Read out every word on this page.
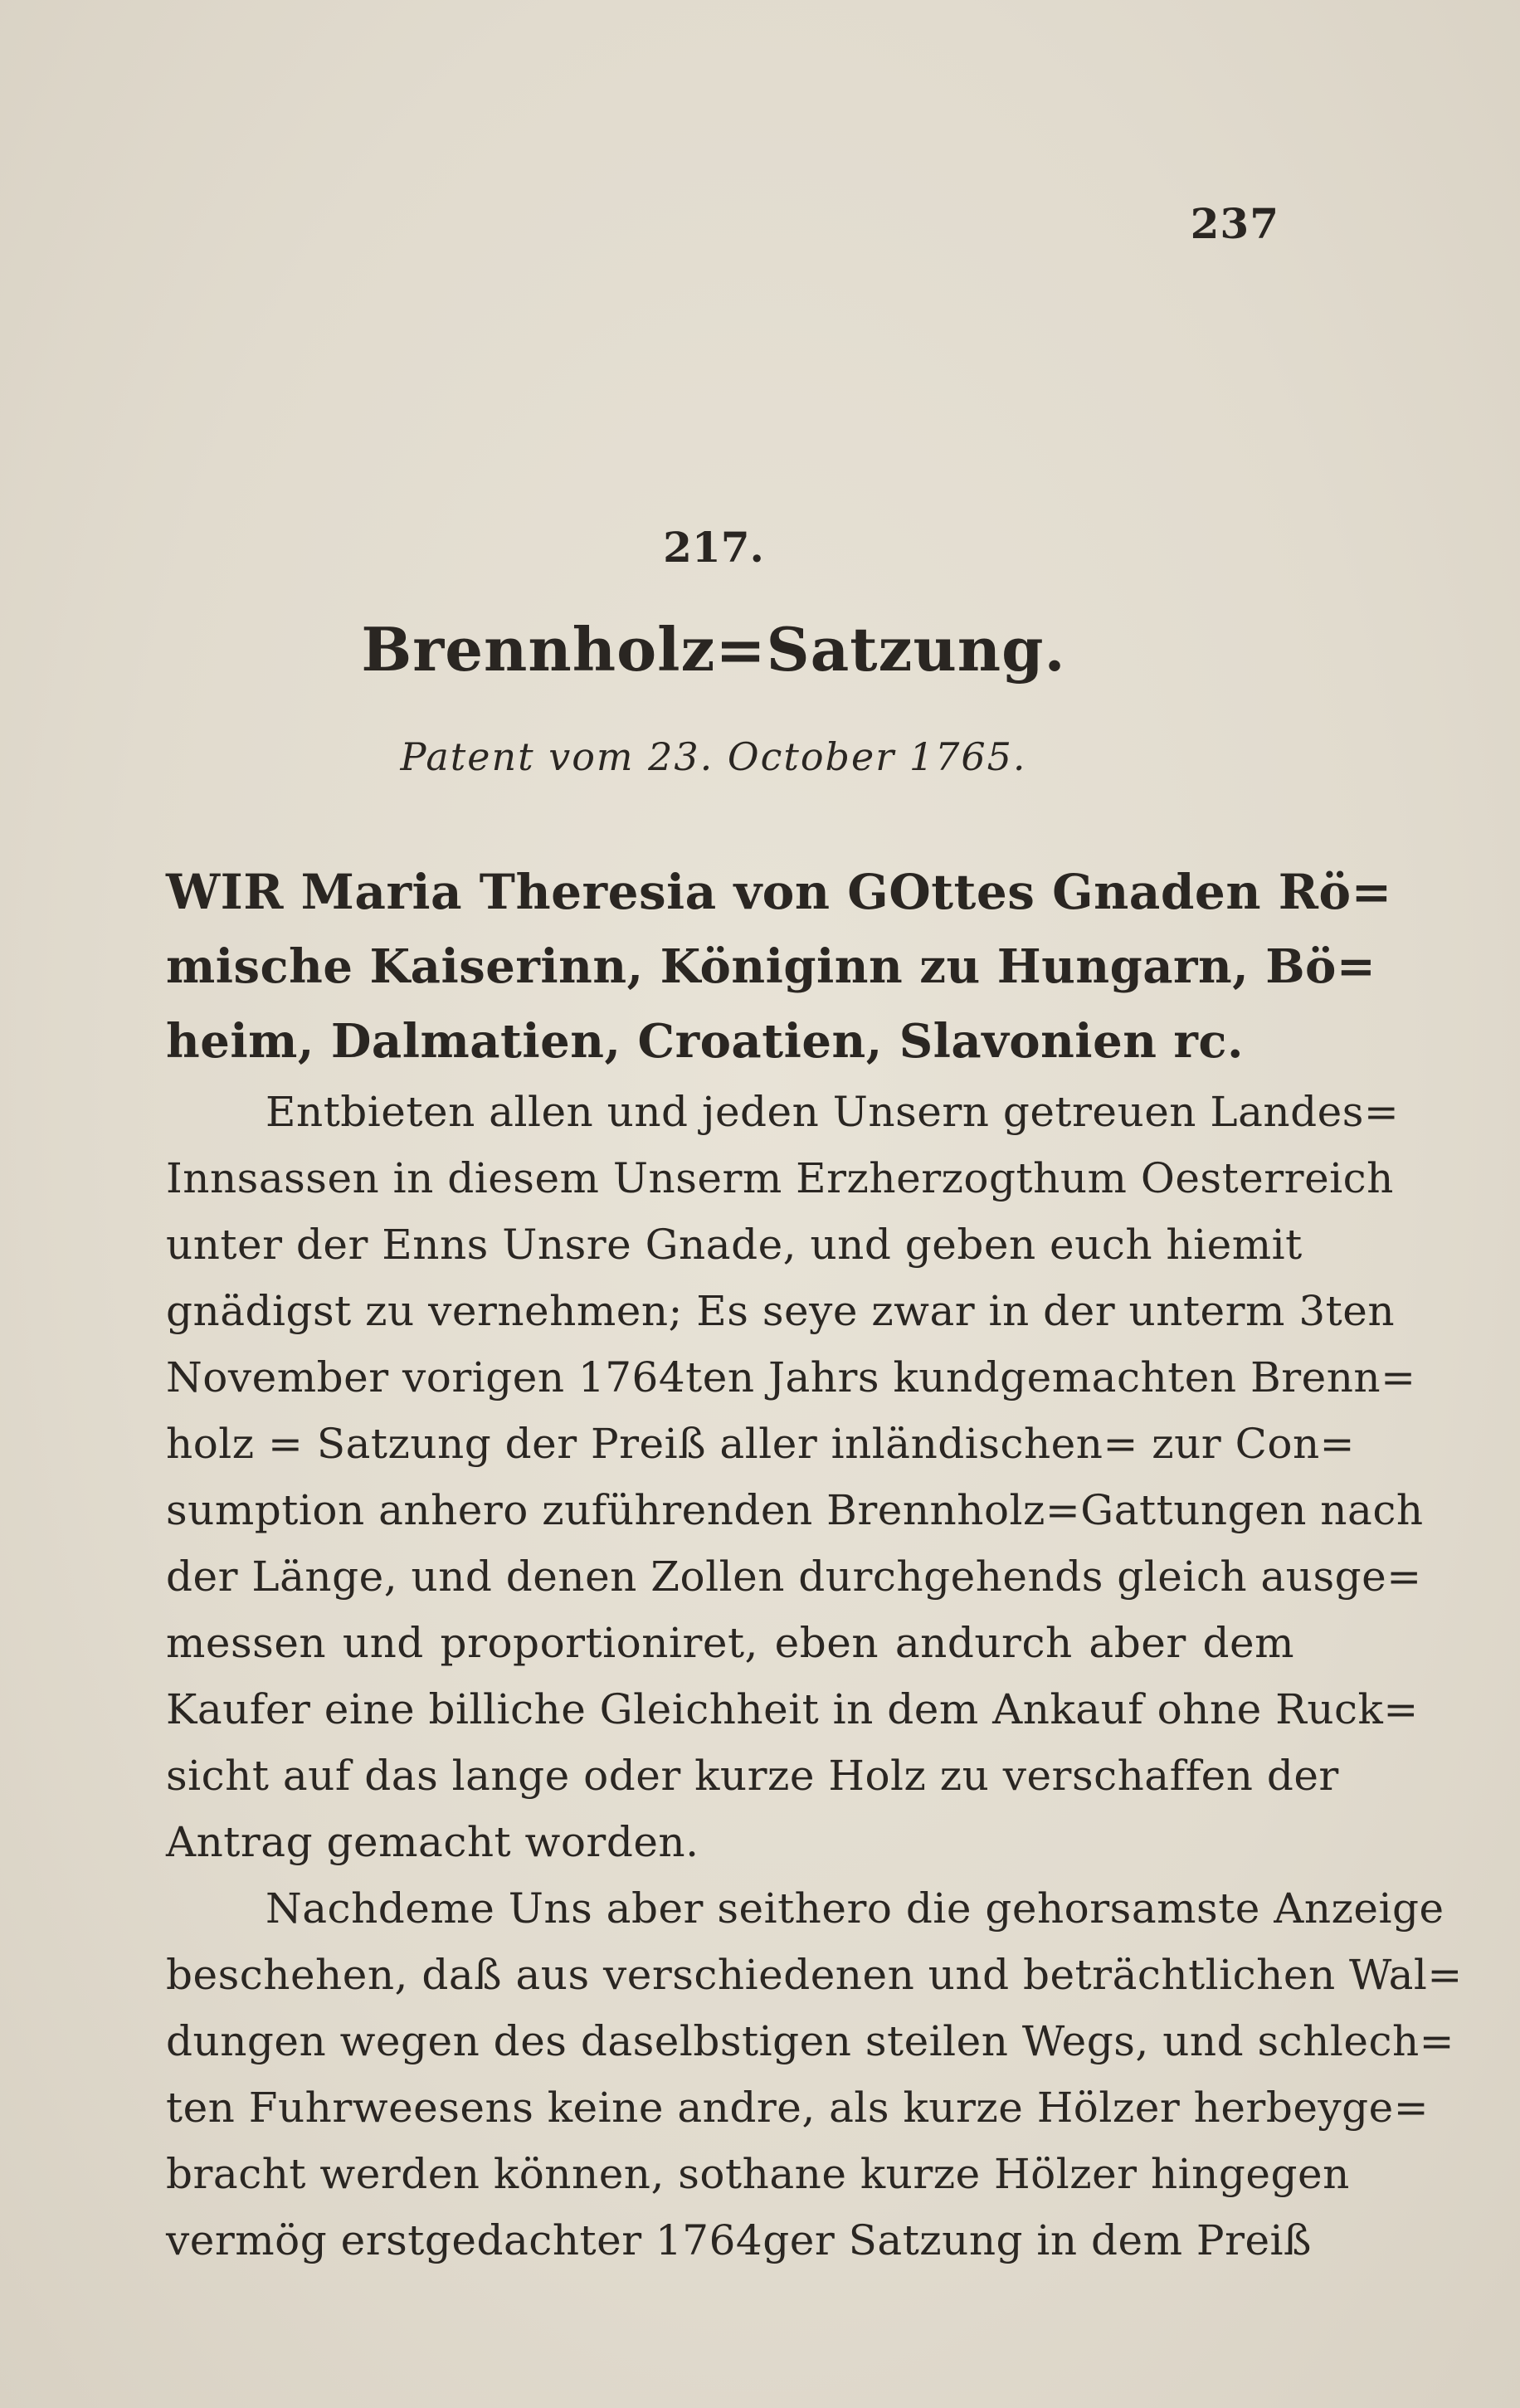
237
217.
Brennholz=Satzung.
Patent vom 23. October 1765.
WIR Maria Theresia von GOttes Gnaden Rö=
mische Kaiserinn, Königinn zu Hungarn, Bö=
heim, Dalmatien, Croatien, Slavonien rc.
Entbieten allen und jeden Unsern getreuen Landes=
Innsassen in diesem Unserm Erzherzogthum Oesterreich
unter der Enns Unsre Gnade, und geben euch hiemit
gnädigst zu vernehmen; Es seye zwar in der unterm 3ten
November vorigen 1764ten Jahrs kundgemachten Brenn=
holz = Satzung der Preiß aller inländischen= zur Con=
sumption anhero zuführenden Brennholz=Gattungen nach
der Länge, und denen Zollen durchgehends gleich ausge=
messen und proportioniret, eben andurch aber dem
Kaufer eine billiche Gleichheit in dem Ankauf ohne Ruck=
sicht auf das lange oder kurze Holz zu verschaffen der
Antrag gemacht worden.
Nachdeme Uns aber seithero die gehorsamste Anzeige
beschehen, daß aus verschiedenen und beträchtlichen Wal=
dungen wegen des daselbstigen steilen Wegs, und schlech=
ten Fuhrweesens keine andre, als kurze Hölzer herbeyge=
bracht werden können, sothane kurze Hölzer hingegen
vermög erstgedachter 1764ger Satzung in dem Preiß
